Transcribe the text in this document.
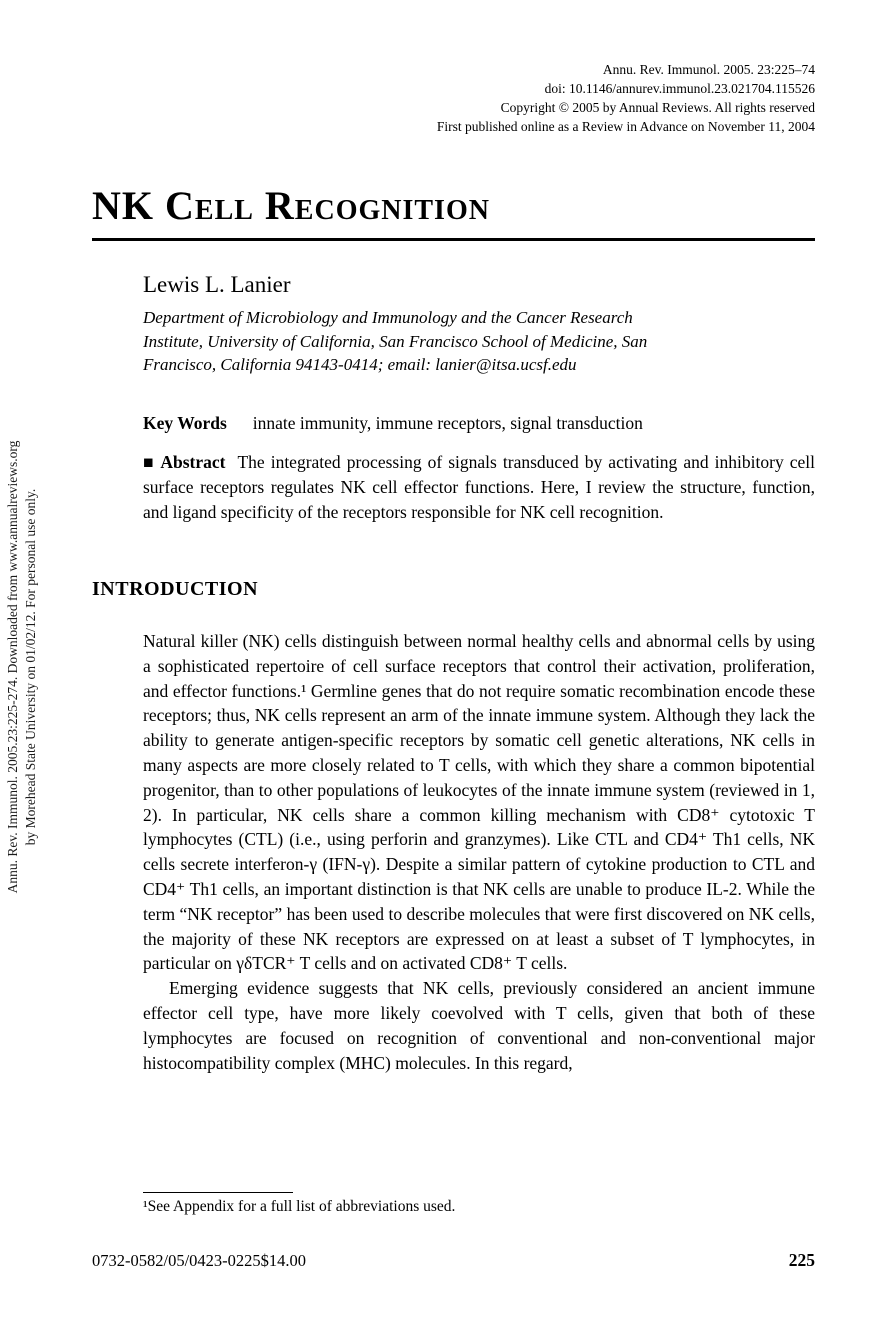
Annu. Rev. Immunol. 2005.23:225-274. Downloaded from www.annualreviews.org by Morehead State University on 01/02/12. For personal use only.
Annu. Rev. Immunol. 2005. 23:225–74
doi: 10.1146/annurev.immunol.23.021704.115526
Copyright © 2005 by Annual Reviews. All rights reserved
First published online as a Review in Advance on November 11, 2004
NK Cell Recognition
Lewis L. Lanier
Department of Microbiology and Immunology and the Cancer Research Institute, University of California, San Francisco School of Medicine, San Francisco, California 94143-0414; email: lanier@itsa.ucsf.edu

Key Words innate immunity, immune receptors, signal transduction

■ Abstract The integrated processing of signals transduced by activating and inhibitory cell surface receptors regulates NK cell effector functions. Here, I review the structure, function, and ligand specificity of the receptors responsible for NK cell recognition.

INTRODUCTION

Natural killer (NK) cells distinguish between normal healthy cells and abnormal cells by using a sophisticated repertoire of cell surface receptors that control their activation, proliferation, and effector functions.¹ Germline genes that do not require somatic recombination encode these receptors; thus, NK cells represent an arm of the innate immune system. Although they lack the ability to generate antigen-specific receptors by somatic cell genetic alterations, NK cells in many aspects are more closely related to T cells, with which they share a common bipotential progenitor, than to other populations of leukocytes of the innate immune system (reviewed in 1, 2). In particular, NK cells share a common killing mechanism with CD8⁺ cytotoxic T lymphocytes (CTL) (i.e., using perforin and granzymes). Like CTL and CD4⁺ Th1 cells, NK cells secrete interferon-γ (IFN-γ). Despite a similar pattern of cytokine production to CTL and CD4⁺ Th1 cells, an important distinction is that NK cells are unable to produce IL-2. While the term “NK receptor” has been used to describe molecules that were first discovered on NK cells, the majority of these NK receptors are expressed on at least a subset of T lymphocytes, in particular on γδTCR⁺ T cells and on activated CD8⁺ T cells.

Emerging evidence suggests that NK cells, previously considered an ancient immune effector cell type, have more likely coevolved with T cells, given that both of these lymphocytes are focused on recognition of conventional and non-conventional major histocompatibility complex (MHC) molecules. In this regard,

¹See Appendix for a full list of abbreviations used.

0732-0582/05/0423-0225$14.00	225
